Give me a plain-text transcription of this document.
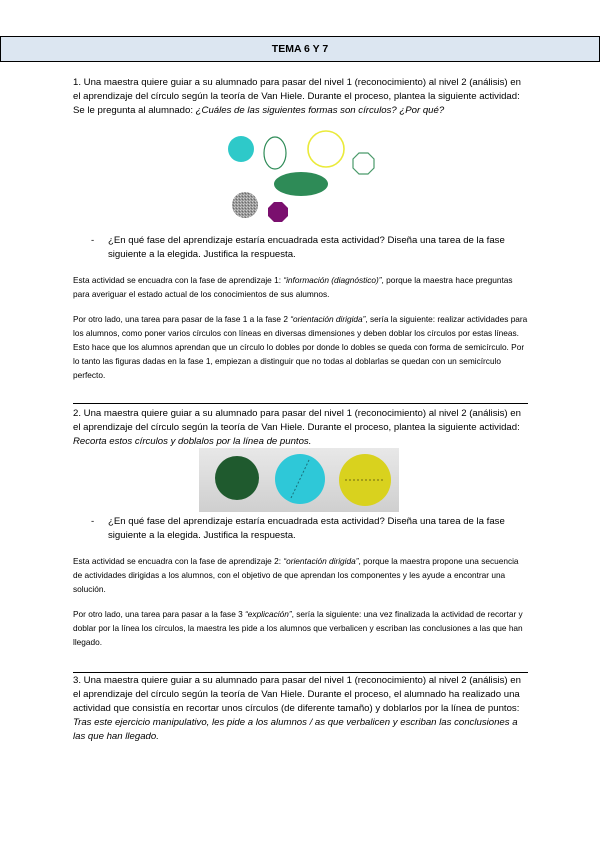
TEMA 6 Y 7
1. Una maestra quiere guiar a su alumnado para pasar del nivel 1 (reconocimiento) al nivel 2 (análisis) en el aprendizaje del círculo según la teoría de Van Hiele. Durante el proceso, plantea la siguiente actividad: Se le pregunta al alumnado: ¿Cuáles de las siguientes formas son círculos? ¿Por qué?
- ¿En qué fase del aprendizaje estaría encuadrada esta actividad? Diseña una tarea de la fase siguiente a la elegida. Justifica la respuesta.
Esta actividad se encuadra con la fase de aprendizaje 1: “información (diagnóstico)”, porque la maestra hace preguntas para averiguar el estado actual de los conocimientos de sus alumnos.
Por otro lado, una tarea para pasar de la fase 1 a la fase 2 “orientación dirigida”, sería la siguiente: realizar actividades para los alumnos, como poner varios círculos con líneas en diversas dimensiones y deben doblar los círculos por estas líneas. Esto hace que los alumnos aprendan que un círculo lo dobles por donde lo dobles se queda con forma de semicírculo. Por lo tanto las figuras dadas en la fase 1, empiezan a distinguir que no todas al doblarlas se quedan con un semicírculo perfecto.
2. Una maestra quiere guiar a su alumnado para pasar del nivel 1 (reconocimiento) al nivel 2 (análisis) en el aprendizaje del círculo según la teoría de Van Hiele. Durante el proceso, plantea la siguiente actividad: Recorta estos círculos y doblalos por la línea de puntos.
- ¿En qué fase del aprendizaje estaría encuadrada esta actividad? Diseña una tarea de la fase siguiente a la elegida. Justifica la respuesta.
Esta actividad se encuadra con la fase de aprendizaje 2: “orientación dirigida”, porque la maestra propone una secuencia de actividades dirigidas a los alumnos, con el objetivo de que aprendan los componentes y les ayude a encontrar una solución.
Por otro lado, una tarea para pasar a la fase 3 “explicación”, sería la siguiente: una vez finalizada la actividad de recortar y doblar por la línea los círculos, la maestra les pide a los alumnos que verbalicen y escriban las conclusiones a las que han llegado.
3. Una maestra quiere guiar a su alumnado para pasar del nivel 1 (reconocimiento) al nivel 2 (análisis) en el aprendizaje del círculo según la teoría de Van Hiele. Durante el proceso, el alumnado ha realizado una actividad que consistía en recortar unos círculos (de diferente tamaño) y doblarlos por la línea de puntos: Tras este ejercicio manipulativo, les pide a los alumnos / as que verbalicen y escriban las conclusiones a las que han llegado.
